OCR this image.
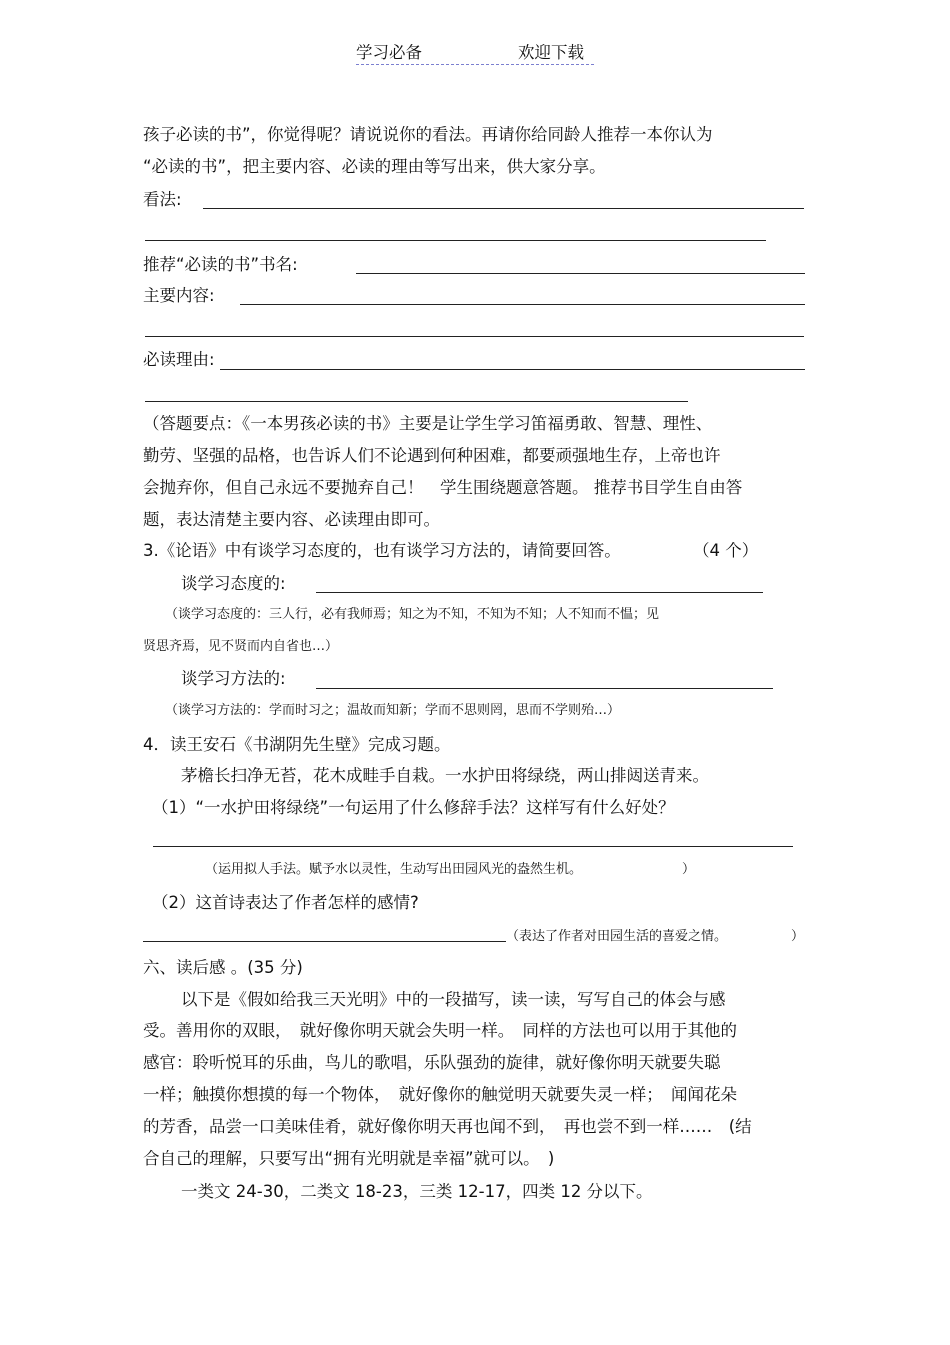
学习必备	欢迎下载
孩子必读的书”，你觉得呢？请说说你的看法。再请你给同龄人推荐一本你认为
“必读的书”，把主要内容、必读的理由等写出来，供大家分享。
看法:
推荐“必读的书”书名:
主要内容:
必读理由:
（答题要点：《一本男孩必读的书》主要是让学生学习笛福勇敢、智慧、理性、
勤劳、坚强的品格，也告诉人们不论遇到何种困难，都要顽强地生存，上帝也许
会抛弃你，但自己永远不要抛弃自己！　学生围绕题意答题。 推荐书目学生自由答
题，表达清楚主要内容、必读理由即可。
3.《论语》中有谈学习态度的，也有谈学习方法的，请简要回答。	（4 个）
谈学习态度的:
（谈学习态度的：三人行，必有我师焉；知之为不知，不知为不知；人不知而不愠；见
贤思齐焉，见不贤而内自省也…）
谈学习方法的:
（谈学习方法的：学而时习之；温故而知新；学而不思则罔，思而不学则殆…）
4．读王安石《书湖阴先生壁》完成习题。
茅檐长扫净无苔，花木成畦手自栽。一水护田将绿绕，两山排闼送青来。
（1）“一水护田将绿绕”一句运用了什么修辞手法？这样写有什么好处？
（运用拟人手法。赋予水以灵性，生动写出田园风光的盎然生机。	）
（2）这首诗表达了作者怎样的感情?
（表达了作者对田园生活的喜爱之情。	）
六、读后感 。(35 分)
以下是《假如给我三天光明》中的一段描写，读一读，写写自己的体会与感
受。善用你的双眼，　就好像你明天就会失明一样。　同样的方法也可以用于其他的
感官：聆听悦耳的乐曲，鸟儿的歌唱，乐队强劲的旋律，就好像你明天就要失聪
一样；触摸你想摸的每一个物体，　就好像你的触觉明天就要失灵一样；　闻闻花朵
的芳香，品尝一口美味佳肴，就好像你明天再也闻不到，　再也尝不到一样……　(结
合自己的理解，只要写出“拥有光明就是幸福”就可以。　)
一类文 24-30，二类文 18-23，三类 12-17，四类 12 分以下。
